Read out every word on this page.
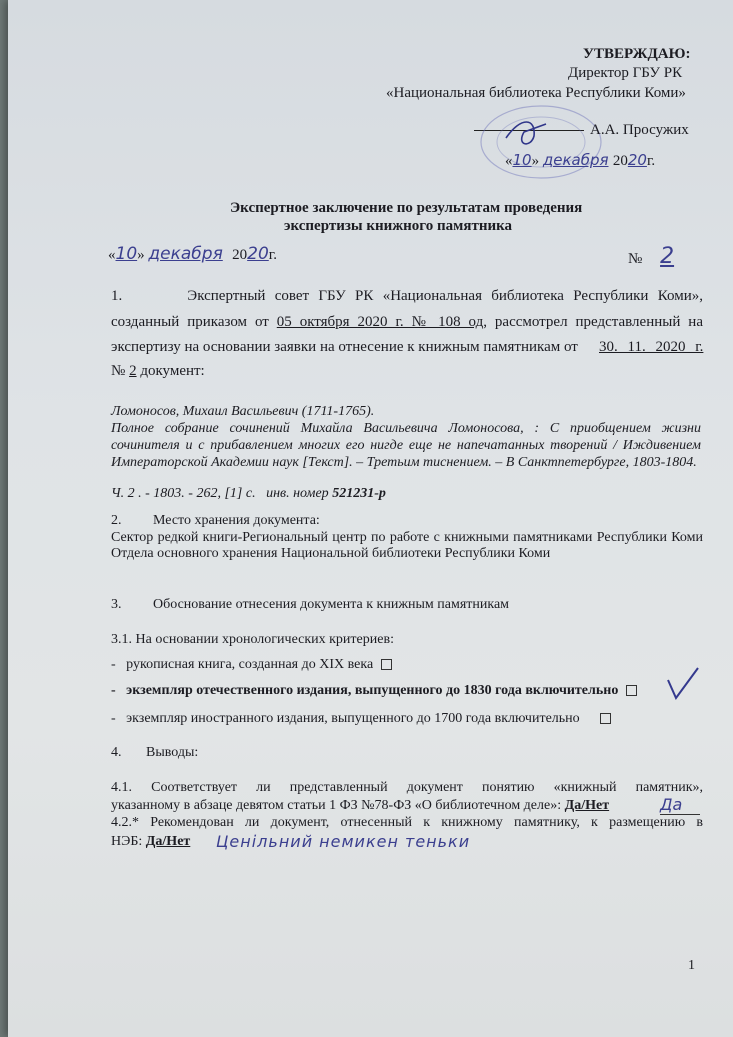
УТВЕРЖДАЮ:
Директор ГБУ РК
«Национальная библиотека Республики Коми»
А.А. Просужих
«10» декабря 2020г.
Экспертное заключение по результатам проведения
экспертизы книжного памятника
«10» декабря 2020г.	№ 2
1.       Экспертный совет ГБУ РК «Национальная библиотека Республики Коми»,
созданный приказом от 05 октября 2020 г. № 108 од, рассмотрел представленный на
экспертизу на основании заявки на отнесение к книжным памятникам от 30. 11. 2020 г.
№ 2 документ:
Ломоносов, Михаил Васильевич (1711-1765).
Полное собрание сочинений Михайла Васильевича Ломоносова, : С приобщением жизни сочинителя и с прибавлением многих его нигде еще не напечатанных творений / Иждивением Императорской Академии наук [Текст]. – Третьим тиснением. – В Санктпетербурге, 1803-1804.
Ч. 2 . - 1803. - 262, [1] с. инв. номер 521231-р
2.         Место хранения документа:
Сектор редкой книги-Региональный центр по работе с книжными памятниками Республики Коми Отдела основного хранения Национальной библиотеки Республики Коми
3.         Обоснование отнесения документа к книжным памятникам
3.1. На основании хронологических критериев:
-   рукописная книга, созданная до XIX века
-   экземпляр отечественного издания, выпущенного до 1830 года включительно
-   экземпляр иностранного издания, выпущенного до 1700 года включительно
4.       Выводы:
4.1. Соответствует ли представленный документ понятию «книжный памятник»,
указанному в абзаце девятом статьи 1 ФЗ №78-ФЗ «О библиотечном деле»: Да/Нет	Да
4.2.* Рекомендован ли документ, отнесенный к книжному памятнику, к размещению в
НЭБ: Да/Нет Ценільний немикен теньки
1
